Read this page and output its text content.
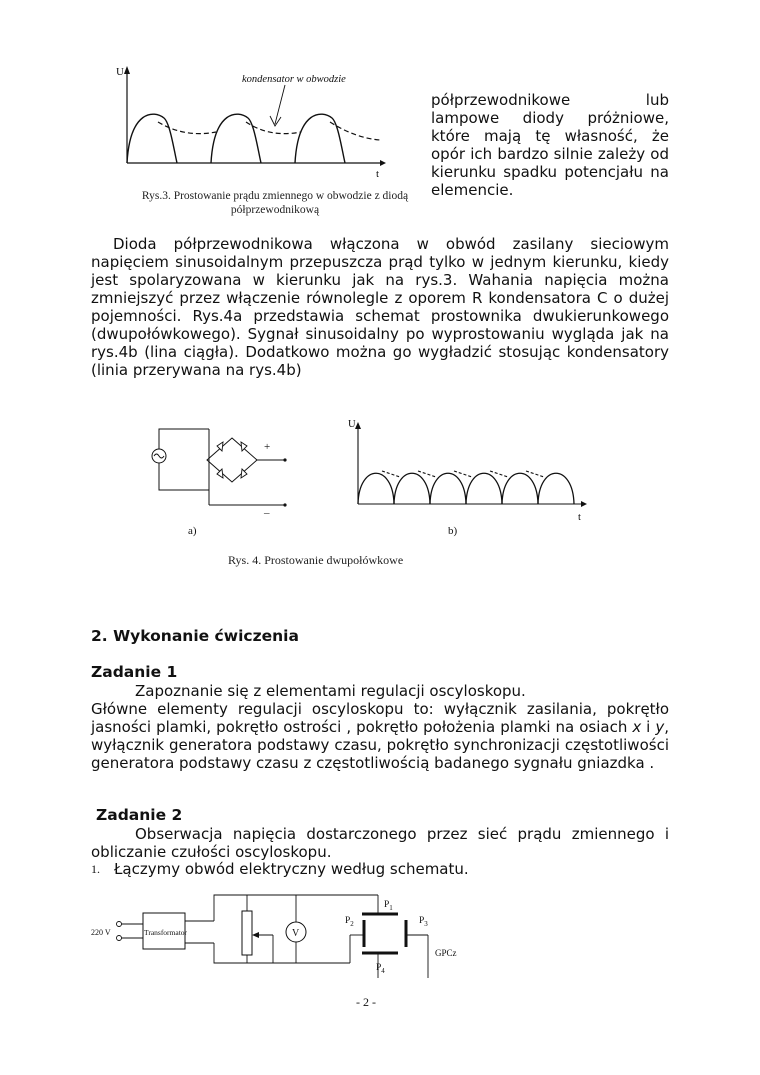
U
t
kondensator w obwodzie
Rys.3. Prostowanie prądu zmiennego w obwodzie z diodą
półprzewodnikową
półprzewodnikowe lub lampowe diody próżniowe, które mają tę własność, że opór ich bardzo silnie zależy od kierunku spadku potencjału na elemencie.
Dioda półprzewodnikowa włączona w obwód zasilany sieciowym napięciem sinusoidalnym przepuszcza prąd tylko w jednym kierunku, kiedy jest spolaryzowana w kierunku jak na rys.3. Wahania napięcia można zmniejszyć przez włączenie równolegle z oporem R kondensatora C o dużej pojemności. Rys.4a przedstawia schemat prostownika dwukierunkowego (dwupołówkowego). Sygnał sinusoidalny po wyprostowaniu wygląda jak na rys.4b (lina ciągła). Dodatkowo można go wygładzić stosując kondensatory (linia przerywana na rys.4b)
+
–
U
t
a)	b)
Rys. 4. Prostowanie dwupołówkowe
2. Wykonanie ćwiczenia
Zadanie 1
Zapoznanie się z elementami regulacji oscyloskopu.
Główne elementy regulacji oscyloskopu to: wyłącznik zasilania, pokrętło jasności plamki, pokrętło ostrości , pokrętło położenia plamki na osiach x i y, wyłącznik generatora podstawy czasu, pokrętło synchronizacji częstotliwości generatora podstawy czasu z częstotliwością badanego sygnału gniazdka .
Zadanie 2
Obserwacja napięcia dostarczonego przez sieć prądu zmiennego i obliczanie czułości oscyloskopu.
1. Łączymy obwód elektryczny według schematu.
220 V	Transformator	V
$P_1$
$P_2$	$P_3$
$P_4$
GPCz
- 2 -
